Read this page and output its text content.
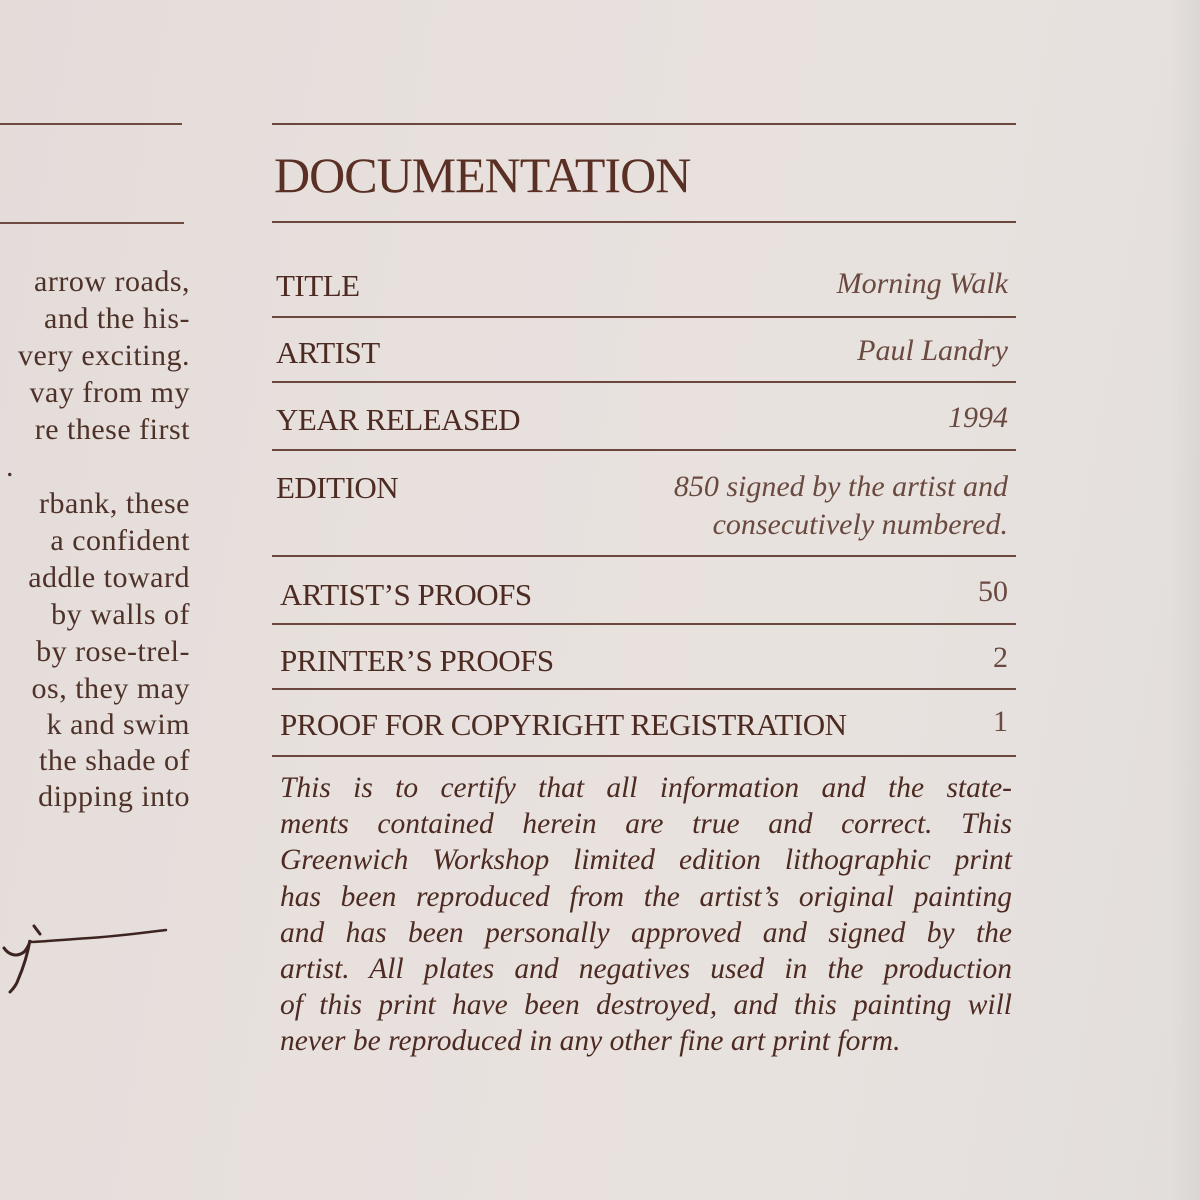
arrow roads,
and the his-
very exciting.
vay from my
re these first
.
rbank, these
a confident
addle toward
by walls of
by rose-trel-
os, they may
k and swim
the shade of
dipping into
DOCUMENTATION
TITLE	Morning Walk
ARTIST	Paul Landry
YEAR RELEASED	1994
EDITION	850 signed by the artist and
consecutively numbered.
ARTIST’S PROOFS	50
PRINTER’S PROOFS	2
PROOF FOR COPYRIGHT REGISTRATION	1
This is to certify that all information and the state-
ments contained herein are true and correct. This
Greenwich Workshop limited edition lithographic print
has been reproduced from the artist’s original painting
and has been personally approved and signed by the
artist. All plates and negatives used in the production
of this print have been destroyed, and this painting will
never be reproduced in any other fine art print form.
